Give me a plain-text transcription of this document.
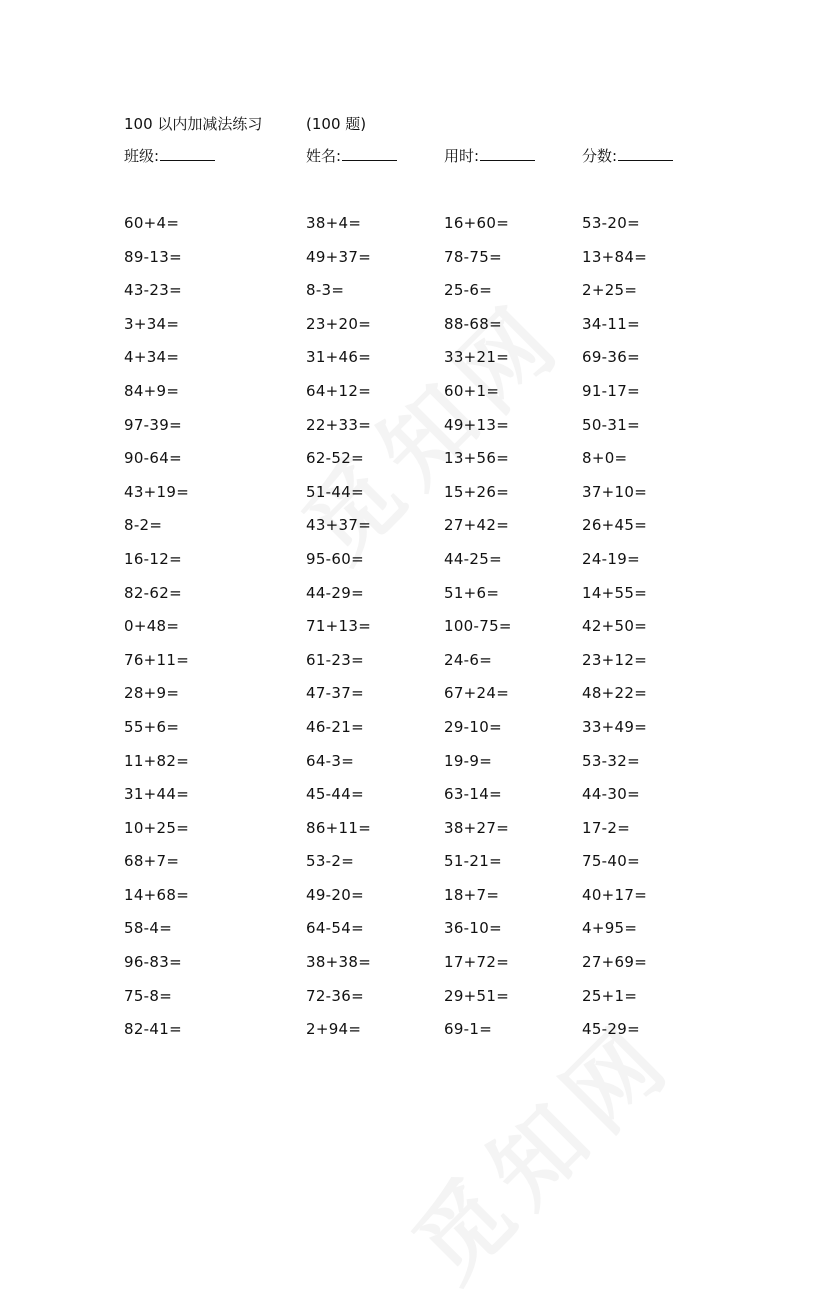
100 以内加减法练习	(100 题)
班级:	姓名:	用时:	分数:
60+4=	38+4=	16+60=	53-20=
89-13=	49+37=	78-75=	13+84=
43-23=	8-3=	25-6=	2+25=
3+34=	23+20=	88-68=	34-11=
4+34=	31+46=	33+21=	69-36=
84+9=	64+12=	60+1=	91-17=
97-39=	22+33=	49+13=	50-31=
90-64=	62-52=	13+56=	8+0=
43+19=	51-44=	15+26=	37+10=
8-2=	43+37=	27+42=	26+45=
16-12=	95-60=	44-25=	24-19=
82-62=	44-29=	51+6=	14+55=
0+48=	71+13=	100-75=	42+50=
76+11=	61-23=	24-6=	23+12=
28+9=	47-37=	67+24=	48+22=
55+6=	46-21=	29-10=	33+49=
11+82=	64-3=	19-9=	53-32=
31+44=	45-44=	63-14=	44-30=
10+25=	86+11=	38+27=	17-2=
68+7=	53-2=	51-21=	75-40=
14+68=	49-20=	18+7=	40+17=
58-4=	64-54=	36-10=	4+95=
96-83=	38+38=	17+72=	27+69=
75-8=	72-36=	29+51=	25+1=
82-41=	2+94=	69-1=	45-29=
